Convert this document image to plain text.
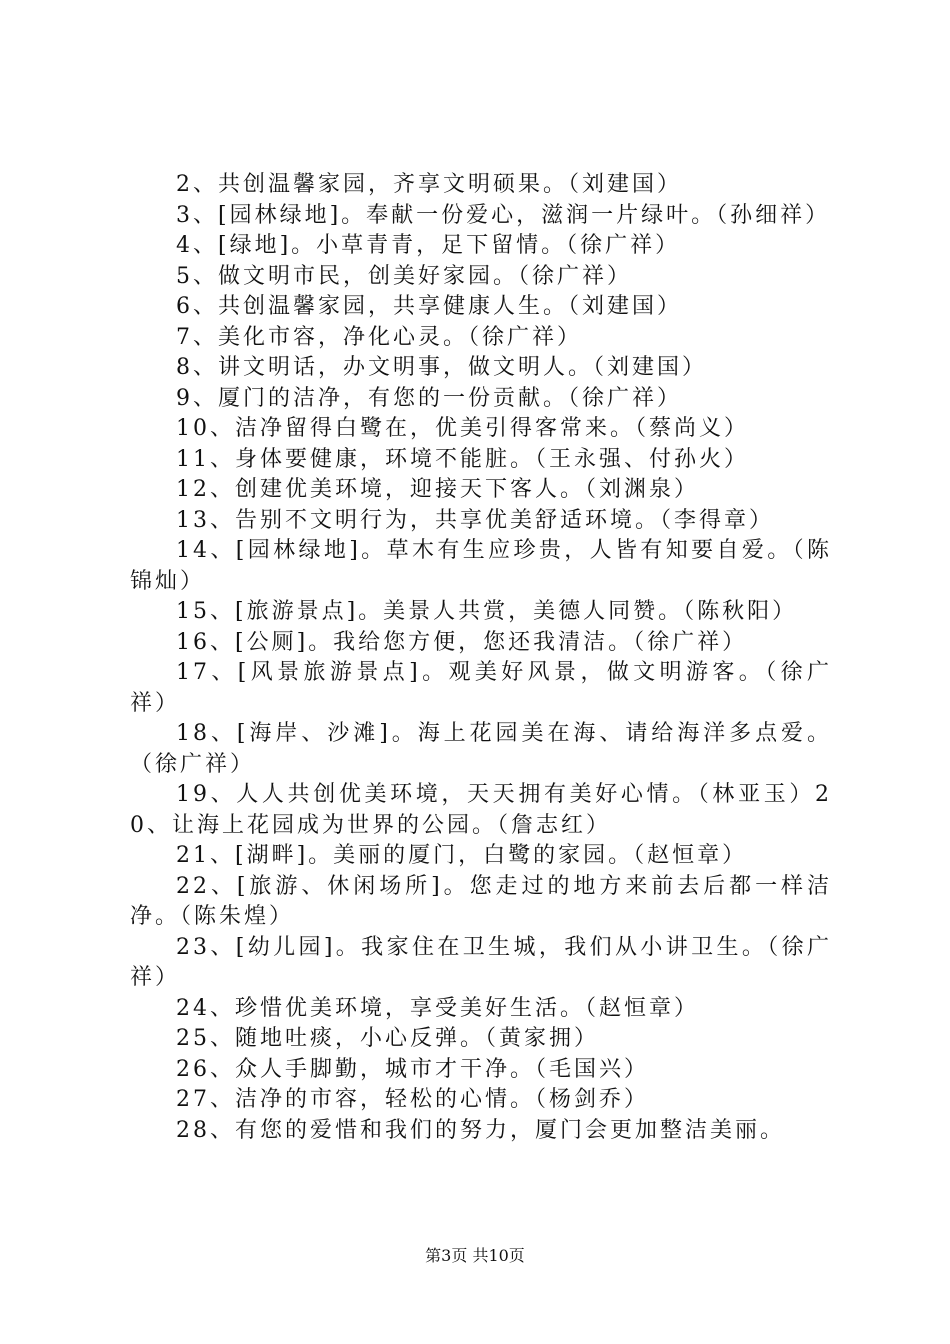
2、共创温馨家园，齐享文明硕果。（刘建国）

3、[园林绿地]。奉献一份爱心，滋润一片绿叶。（孙细祥）

4、[绿地]。小草青青，足下留情。（徐广祥）

5、做文明市民，创美好家园。（徐广祥）

6、共创温馨家园，共享健康人生。（刘建国）

7、美化市容，净化心灵。（徐广祥）

8、讲文明话，办文明事，做文明人。（刘建国）

9、厦门的洁净，有您的一份贡献。（徐广祥）

10、洁净留得白鹭在，优美引得客常来。（蔡尚义）

11、身体要健康，环境不能脏。（王永强、付孙火）

12、创建优美环境，迎接天下客人。（刘渊泉）

13、告别不文明行为，共享优美舒适环境。（李得章）

14、[园林绿地]。草木有生应珍贵，人皆有知要自爱。（陈锦灿）

15、[旅游景点]。美景人共赏，美德人同赞。（陈秋阳）

16、[公厕]。我给您方便，您还我清洁。（徐广祥）

17、[风景旅游景点]。观美好风景，做文明游客。（徐广祥）

18、[海岸、沙滩]。海上花园美在海、请给海洋多点爱。（徐广祥）

19、人人共创优美环境，天天拥有美好心情。（林亚玉）20、让海上花园成为世界的公园。（詹志红）

21、[湖畔]。美丽的厦门，白鹭的家园。（赵恒章）

22、[旅游、休闲场所]。您走过的地方来前去后都一样洁净。（陈朱煌）

23、[幼儿园]。我家住在卫生城，我们从小讲卫生。（徐广祥）

24、珍惜优美环境，享受美好生活。（赵恒章）

25、随地吐痰，小心反弹。（黄家拥）

26、众人手脚勤，城市才干净。（毛国兴）

27、洁净的市容，轻松的心情。（杨剑乔）

28、有您的爱惜和我们的努力，厦门会更加整洁美丽。

第3页 共10页
